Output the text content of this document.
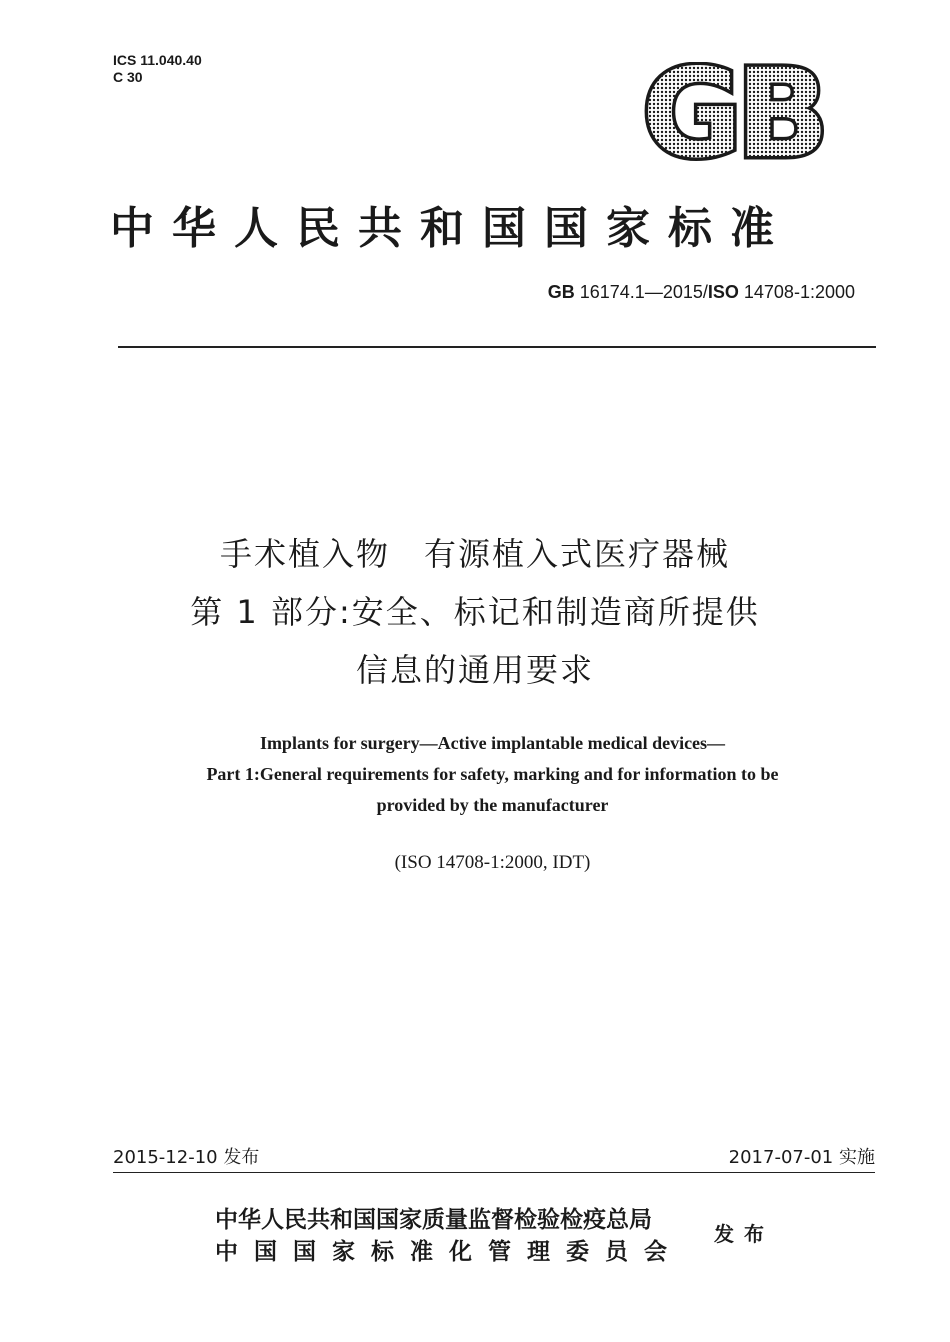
ICS 11.040.40
C 30	GB
中华人民共和国国家标准
GB 16174.1—2015/ISO 14708-1:2000
手术植入物　有源植入式医疗器械
第 1 部分:安全、标记和制造商所提供
信息的通用要求
Implants for surgery—Active implantable medical devices—
Part 1:General requirements for safety, marking and for information to be
provided by the manufacturer
(ISO 14708-1:2000, IDT)
2015-12-10 发布	2017-07-01 实施
中华人民共和国国家质量监督检验检疫总局
中国国家标准化管理委员会
发布
